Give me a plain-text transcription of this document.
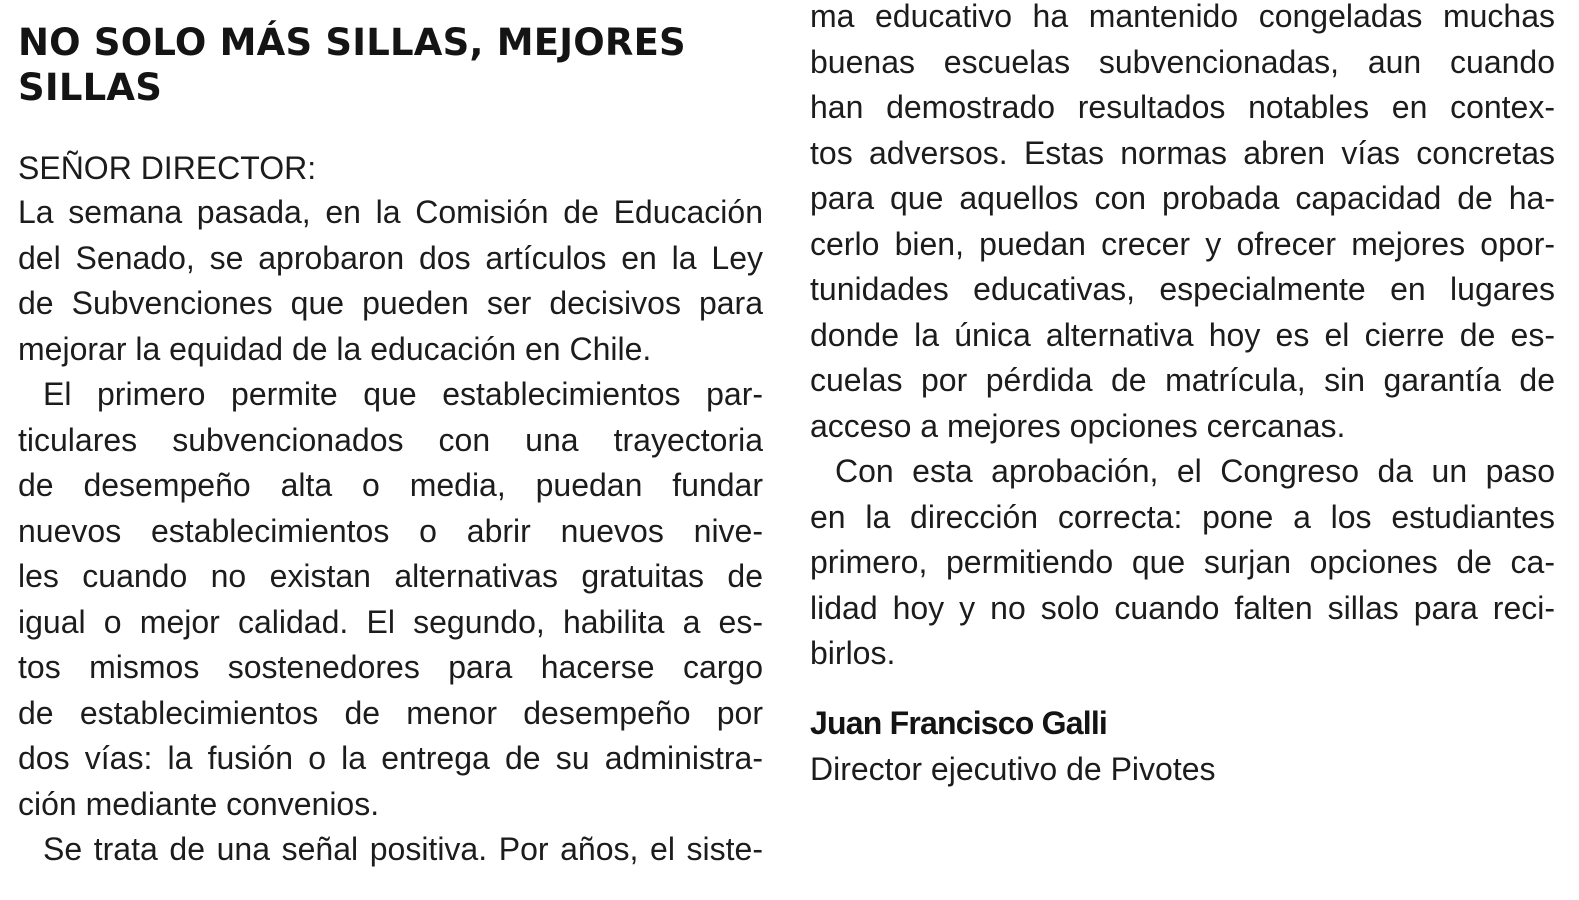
NO SOLO MÁS SILLAS, MEJORES
SILLAS
SEÑOR DIRECTOR:
La semana pasada, en la Comisión de Educación
del Senado, se aprobaron dos artículos en la Ley
de Subvenciones que pueden ser decisivos para
mejorar la equidad de la educación en Chile.
El primero permite que establecimientos par-
ticulares subvencionados con una trayectoria
de desempeño alta o media, puedan fundar
nuevos establecimientos o abrir nuevos nive-
les cuando no existan alternativas gratuitas de
igual o mejor calidad. El segundo, habilita a es-
tos mismos sostenedores para hacerse cargo
de establecimientos de menor desempeño por
dos vías: la fusión o la entrega de su administra-
ción mediante convenios.
Se trata de una señal positiva. Por años, el siste-
ma educativo ha mantenido congeladas muchas
buenas escuelas subvencionadas, aun cuando
han demostrado resultados notables en contex-
tos adversos. Estas normas abren vías concretas
para que aquellos con probada capacidad de ha-
cerlo bien, puedan crecer y ofrecer mejores opor-
tunidades educativas, especialmente en lugares
donde la única alternativa hoy es el cierre de es-
cuelas por pérdida de matrícula, sin garantía de
acceso a mejores opciones cercanas.
Con esta aprobación, el Congreso da un paso
en la dirección correcta: pone a los estudiantes
primero, permitiendo que surjan opciones de ca-
lidad hoy y no solo cuando falten sillas para reci-
birlos.
Juan Francisco Galli
Director ejecutivo de Pivotes
